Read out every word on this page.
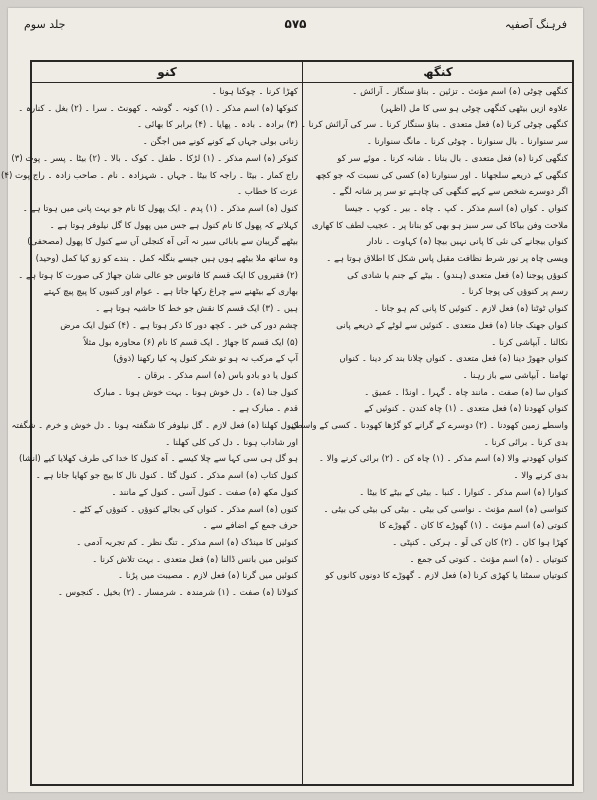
فرہنگ آصفیہ
۵۷۵
جلد سوم
کنگھ
کنو
کنگھی چوٹی (ہ) اسم مؤنث ۔ تزئین ۔ بناؤ سنگار ۔ آرائش ۔
علاوہ ازیں بیٹھی کنگھی چوٹی ہو سی کا مل (اظہر)
کنگھی چوٹی کرنا (ہ) فعل متعدی ۔ بناؤ سنگار کرنا ۔ سر کی آرائش کرنا ۔
سر سنوارنا ۔ بال سنوارنا ۔ چوٹی کرنا ۔ مانگ سنوارنا ۔
کنگھی کرنا (ہ) فعل متعدی ۔ بال بنانا ۔ شانہ کرنا ۔ موئے سر کو
کنگھی کے ذریعے سلجھانا ۔ اور سنوارنا (ہ) کسی کی نسبت کہ جو کچھ
اگر دوسرے شخص سے کہے کنگھی کی چاہتے تو سر پر شانہ لگے ۔
کنواں ۔ کواں (ہ) اسم مذکر ۔ کپ ۔ چاہ ۔ بیر ۔ کوپ ۔ جیسا
ملاحت وفن بیاکا کی سر سبز ہو بھی کو بنانا پر ۔ عجیب لطف کا کھاری
کنواں بیجانے کی نئی کا پانی نہیں بیچا (ہ) کہاوت ۔ نادار
ویسی چاہ پر نور شرط نظافت مقبل پاس شکل کا اطلاق ہوتا ہے ۔
کنوؤں پوجنا (ہ) فعل متعدی (ہندو) ۔ بیٹے کے جنم یا شادی کی
رسم پر کنوؤں کی پوجا کرنا ۔
کنواں ٹوٹنا (ہ) فعل لازم ۔ کنوئیں کا پانی کم ہو جانا ۔
کنواں جھنک جانا (ہ) فعل متعدی ۔ کنوئیں سے لوٹے کے ذریعے پانی
نکالنا ۔ آبپاشی کرنا ۔
کنواں جھوڑ دینا (ہ) فعل متعدی ۔ کنواں چلانا بند کر دینا ۔ کنواں
تھامنا ۔ آبپاشی سے باز رہنا ۔
کنواں سا (ہ) صفت ۔ مانند چاہ ۔ گہرا ۔ اونڈا ۔ عمیق ۔
کنواں کھودنا (ہ) فعل متعدی ۔ (۱) چاہ کندن ۔ کنوئیں کے
واسطے زمین کھودنا ۔ (۲) دوسرے کے گرانے کو گڑھا کھودنا ۔ کسی کے واسطے
بدی کرنا ۔ برائی کرنا ۔
کنواں کھودنے والا (ہ) اسم مذکر ۔ (۱) چاہ کن ۔ (۲) برائی کرنے والا ۔
بدی کرنے والا ۔
کنوارا (ہ) اسم مذکر ۔ کنوارا ۔ کنبا ۔ بیٹی کے بیٹے کا بیٹا ۔
کنواسی (ہ) اسم مؤنث ۔ نواسی کی بیٹی ۔ بیٹی کی بیٹی کی بیٹی ۔
کنوتی (ہ) اسم مؤنث ۔ (۱) گھوڑے کا کان ۔ گھوڑے کا
کھڑا ہوا کان ۔ (۲) کان کی لَو ۔ ہرکی ۔ کنپٹی ۔
کنوتیاں ۔ (ہ) اسم مؤنث ۔ کنوتی کی جمع ۔
کنوتیاں سمٹنا یا کھڑی کرنا (ہ) فعل لازم ۔ گھوڑے کا دونوں کانوں کو
کھڑا کرنا ۔ چوکنا ہونا ۔
کنوکھا (ہ) اسم مذکر ۔ (۱) کونہ ۔ گوشہ ۔ کھونٹ ۔ سرا ۔ (۲) بغل ۔ کنارہ ۔
(۳) برادہ ۔ بادہ ۔ پھایا ۔ (۴) برابر کا بھائی ۔
زنانی بولی جہاں کے کونے کونے میں اجگن ۔
کنوکر (ہ) اسم مذکر ۔ (۱) لڑکا ۔ طفل ۔ کوک ۔ بالا ۔ (۲) بیٹا ۔ پسر ۔ پوت (۳)
راج کمار ۔ بیٹا ۔ راجہ کا بیٹا ۔ جہاں ۔ شہزادہ ۔ نام ۔ صاحب زادہ ۔ راج پوت (۴)
عزت کا خطاب ۔
کنول (ہ) اسم مذکر ۔ (۱) پدم ۔ ایک پھول کا نام جو بہت پانی میں ہوتا ہے ۔
کہلاتے کہ پھول کا نام کنول ہے جس میں پھول کا گل نیلوفر ہوتا ہے ۔
بیٹھے گریبان سے بابائی سیر نہ آتی آہ کنجلی آں سے کنول کا پھول (مصحفی)
وہ ساتھ ملا بیٹھے ہوں ہیں جیسے بنگلہ کمل ۔ بندے کو زو کیا کمل (وحید)
(۲) فقیروں کا ایک قسم کا فانوس جو عالی شان جھاڑ کی صورت کا ہوتا ہے ۔
بھاری کے بیٹھنے سے چراغ رکھا جاتا ہے ۔ عوام اور کنبوں کا پیچ پیچ کہتے
ہیں ۔ (۳) ایک قسم کا نقش جو خط کا حاشیہ ہوتا ہے ۔
چشم دور کی خبر ۔ کچھ دور کا ذکر ہوتا ہے ۔ (۴) کنول ایک مرض
(۵) ایک قسم کا جھاڑ ۔ ایک قسم کا نام (۶) محاورہ بول مثلاً
آپ کے مرکب نہ ہو تو شکر کنول پہ کیا رکھنا (ذوق)
کنول یا دو بادو باس (ہ) اسم مذکر ۔ برقان ۔
کنول جنا (ہ) ۔ دل خوش ہونا ۔ بہت خوش ہونا ۔ مبارک
قدم ۔ مبارک ہے ۔
کنول کھلنا (ہ) فعل لازم ۔ گل نیلوفر کا شگفتہ ہونا ۔ دل خوش و خرم ۔ شگفتہ
اور شاداب ہونا ۔ دل کی کلی کھلنا ۔
ہو گل ہی سی کہا سے چلا کیسے ۔ آہ کنول کا خدا کی طرف کھلایا کیے (انشا)
کنول کتاب (ہ) اسم مذکر ۔ کنول گٹا ۔ کنول نال کا بیج جو کھایا جاتا ہے ۔
کنول مکھ (ہ) صفت ۔ کنول آسی ۔ کنول کے مانند ۔
کنوں (ہ) اسم مذکر ۔ کنواں کی بجائے کنوؤں ۔ کنوؤں کے کٹے ۔
حرف جمع کے اضافے سے ۔
کنوئیں کا مینڈک (ہ) اسم مذکر ۔ تنگ نظر ۔ کم تجربہ آدمی ۔
کنوئیں میں بانس ڈالنا (ہ) فعل متعدی ۔ بہت تلاش کرنا ۔
کنوئیں میں گرنا (ہ) فعل لازم ۔ مصیبت میں پڑنا ۔
کنولانا (ہ) صفت ۔ (۱) شرمندہ ۔ شرمسار ۔ (۲) بخیل ۔ کنجوس ۔
